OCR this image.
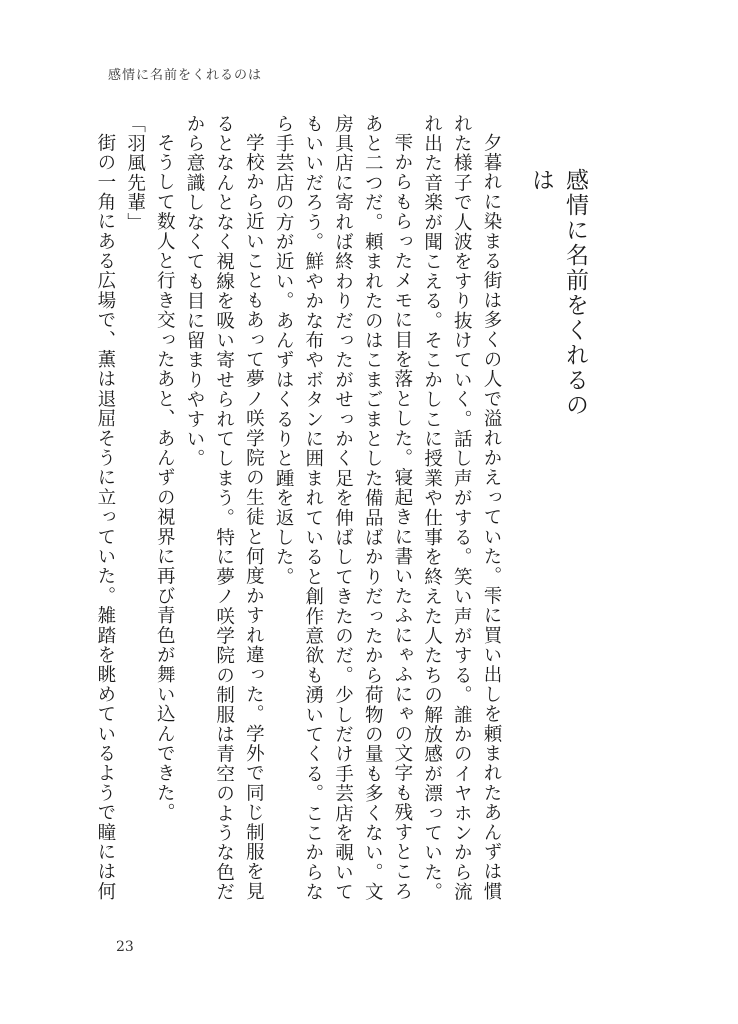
感情に名前をくれるのは
感情に名前をくれるのは

夕暮れに染まる街は多くの人で溢れかえっていた。雫に買い出しを頼まれたあんずは慣れた様子で人波をすり抜けていく。話し声がする。笑い声がする。誰かのイヤホンから流れ出た音楽が聞こえる。そこかしこに授業や仕事を終えた人たちの解放感が漂っていた。

雫からもらったメモに目を落とした。寝起きに書いたふにゃふにゃの文字も残すところあと二つだ。頼まれたのはこまごまとした備品ばかりだったから荷物の量も多くない。文房具店に寄れば終わりだったがせっかく足を伸ばしてきたのだ。少しだけ手芸店を覗いてもいいだろう。鮮やかな布やボタンに囲まれていると創作意欲も湧いてくる。ここからなら手芸店の方が近い。あんずはくるりと踵を返した。

学校から近いこともあって夢ノ咲学院の生徒と何度かすれ違った。学外で同じ制服を見るとなんとなく視線を吸い寄せられてしまう。特に夢ノ咲学院の制服は青空のような色だから意識しなくても目に留まりやすい。

そうして数人と行き交ったあと、あんずの視界に再び青色が舞い込んできた。

「羽風先輩」

街の一角にある広場で、薫は退屈そうに立っていた。雑踏を眺めているようで瞳には何

23
